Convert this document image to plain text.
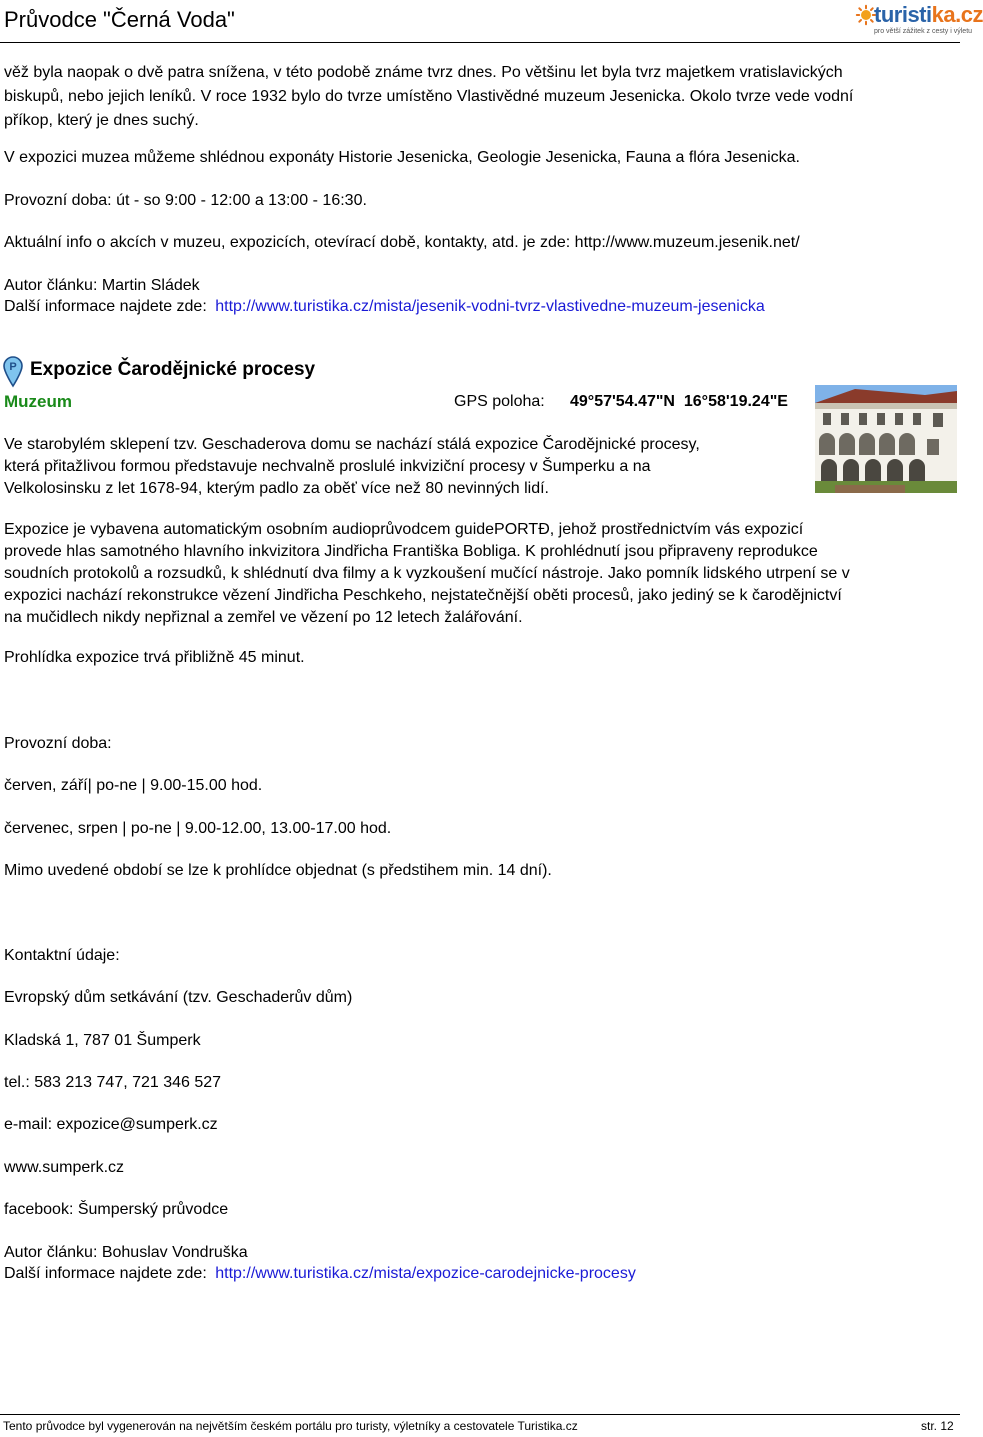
Průvodce "Černá Voda"	turistika.cz
pro větší zážitek z cesty i výletu
věž byla naopak o dvě patra snížena, v této podobě známe tvrz dnes. Po většinu let byla tvrz majetkem vratislavických
biskupů, nebo jejich leníků. V roce 1932 bylo do tvrze umístěno Vlastivědné muzeum Jesenicka. Okolo tvrze vede vodní
příkop, který je dnes suchý.
V expozici muzea můžeme shlédnou exponáty Historie Jesenicka, Geologie Jesenicka, Fauna a flóra Jesenicka.
Provozní doba: út - so 9:00 - 12:00 a 13:00 - 16:30.
Aktuální info o akcích v muzeu, expozicích, otevírací době, kontakty, atd. je zde: http://www.muzeum.jesenik.net/
Autor článku: Martin Sládek
Další informace najdete zde: http://www.turistika.cz/mista/jesenik-vodni-tvrz-vlastivedne-muzeum-jesenicka
P Expozice Čarodějnické procesy
Muzeum	GPS poloha: 49°57'54.47"N 16°58'19.24"E
Ve starobylém sklepení tzv. Geschaderova domu se nachází stálá expozice Čarodějnické procesy,
která přitažlivou formou představuje nechvalně proslulé inkviziční procesy v Šumperku a na
Velkolosinsku z let 1678-94, kterým padlo za oběť více než 80 nevinných lidí.
Expozice je vybavena automatickým osobním audioprůvodcem guidePORTĐ, jehož prostřednictvím vás expozicí
provede hlas samotného hlavního inkvizitora Jindřicha Františka Bobliga. K prohlédnutí jsou připraveny reprodukce
soudních protokolů a rozsudků, k shlédnutí dva filmy a k vyzkoušení mučící nástroje. Jako pomník lidského utrpení se v
expozici nachází rekonstrukce vězení Jindřicha Peschkeho, nejstatečnější oběti procesů, jako jediný se k čarodějnictví
na mučidlech nikdy nepřiznal a zemřel ve vězení po 12 letech žalářování.
Prohlídka expozice trvá přibližně 45 minut.
Provozní doba:
červen, září| po-ne | 9.00-15.00 hod.
červenec, srpen | po-ne | 9.00-12.00, 13.00-17.00 hod.
Mimo uvedené období se lze k prohlídce objednat (s předstihem min. 14 dní).
Kontaktní údaje:
Evropský dům setkávání (tzv. Geschaderův dům)
Kladská 1, 787 01 Šumperk
tel.: 583 213 747, 721 346 527
e-mail: expozice@sumperk.cz
www.sumperk.cz
facebook: Šumperský průvodce
Autor článku: Bohuslav Vondruška
Další informace najdete zde: http://www.turistika.cz/mista/expozice-carodejnicke-procesy
Tento průvodce byl vygenerován na největším českém portálu pro turisty, výletníky a cestovatele Turistika.cz	str. 12
